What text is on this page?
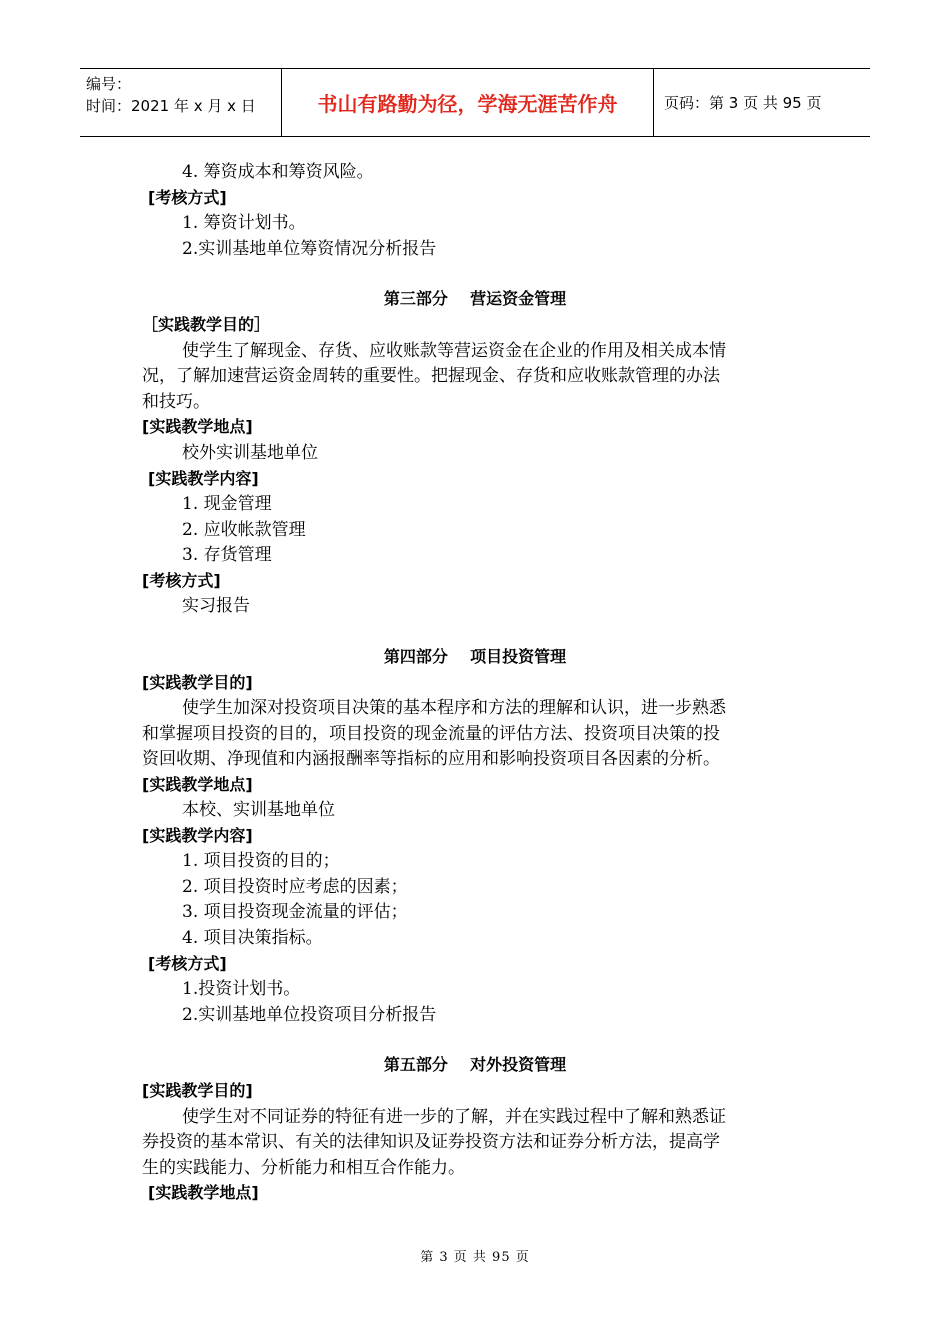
编号：
时间：2021 年 x 月 x 日	书山有路勤为径，学海无涯苦作舟	页码：第 3 页 共 95 页
4. 筹资成本和筹资风险。
[考核方式]
1. 筹资计划书。
2.实训基地单位筹资情况分析报告
第三部分    营运资金管理
［实践教学目的］
使学生了解现金、存货、应收账款等营运资金在企业的作用及相关成本情
况，了解加速营运资金周转的重要性。把握现金、存货和应收账款管理的办法
和技巧。
[实践教学地点]
校外实训基地单位
[实践教学内容]
1. 现金管理
2. 应收帐款管理
3. 存货管理
[考核方式]
实习报告
第四部分    项目投资管理
[实践教学目的]
使学生加深对投资项目决策的基本程序和方法的理解和认识，进一步熟悉
和掌握项目投资的目的，项目投资的现金流量的评估方法、投资项目决策的投
资回收期、净现值和内涵报酬率等指标的应用和影响投资项目各因素的分析。
[实践教学地点]
本校、实训基地单位
[实践教学内容]
1. 项目投资的目的；
2. 项目投资时应考虑的因素；
3. 项目投资现金流量的评估；
4. 项目决策指标。
[考核方式]
1.投资计划书。
2.实训基地单位投资项目分析报告
第五部分    对外投资管理
[实践教学目的]
使学生对不同证券的特征有进一步的了解，并在实践过程中了解和熟悉证
券投资的基本常识、有关的法律知识及证券投资方法和证券分析方法，提高学
生的实践能力、分析能力和相互合作能力。
[实践教学地点]
第 3 页 共 95 页
